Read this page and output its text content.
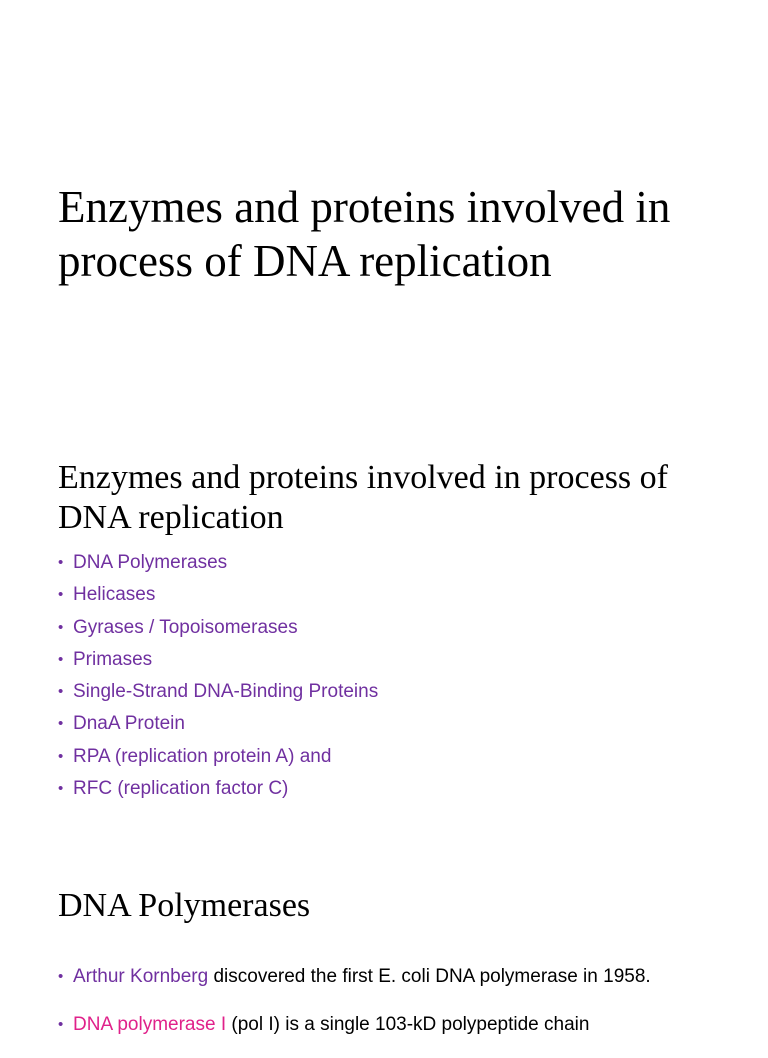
Enzymes and proteins involved in process of DNA replication
Enzymes and proteins involved in process of DNA replication
• DNA Polymerases
• Helicases
• Gyrases / Topoisomerases
• Primases
• Single-Strand DNA-Binding Proteins
• DnaA Protein
• RPA (replication protein A) and
• RFC (replication factor C)
DNA Polymerases
• Arthur Kornberg discovered the first E. coli DNA polymerase in 1958.
• DNA polymerase I (pol I) is a single 103-kD polypeptide chain
